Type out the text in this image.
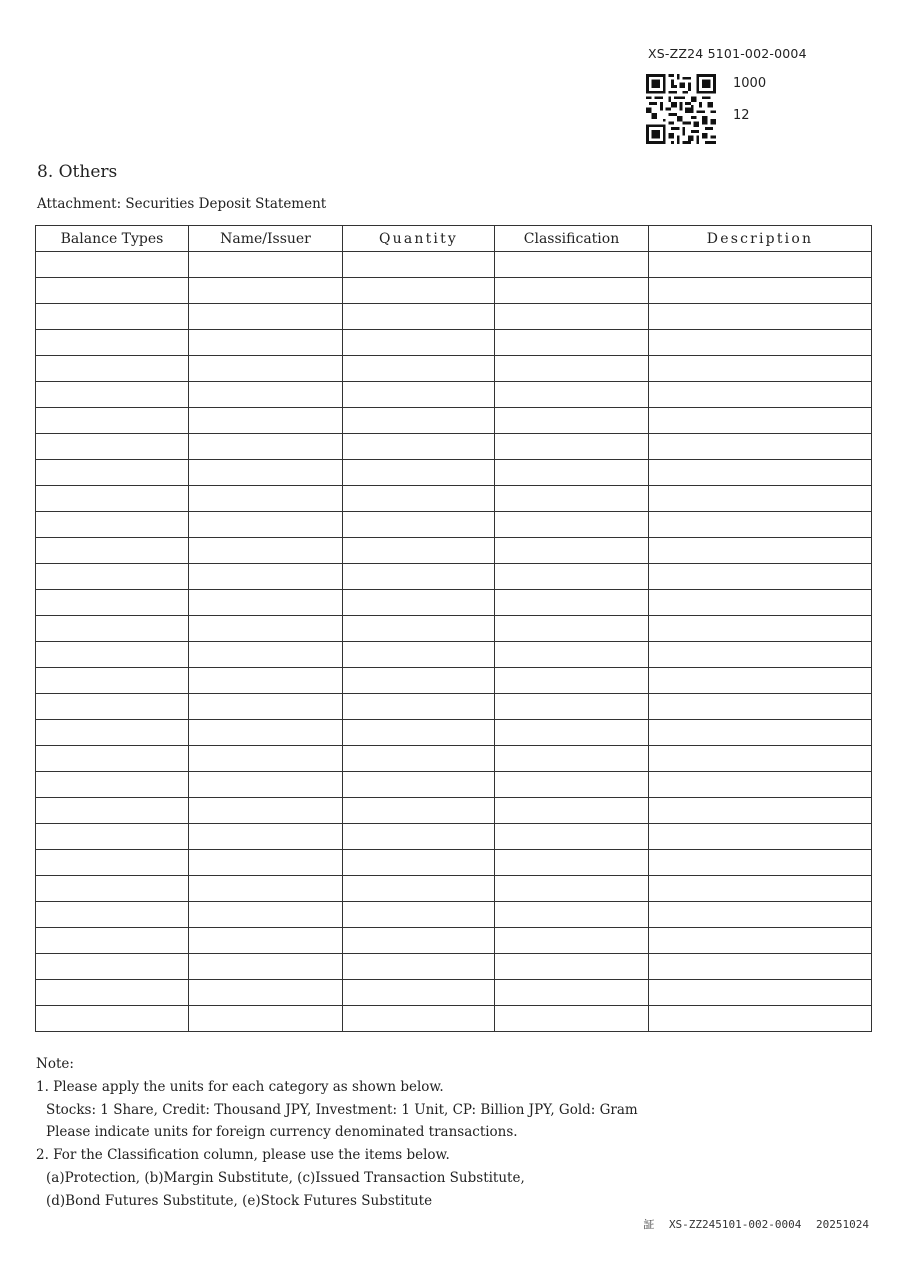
XS-ZZ24 5101-002-0004
1000
12
8. Others
Attachment: Securities Deposit Statement
Balance Types	Name/Issuer	Quantity	Classification	Description

Note:
1. Please apply the units for each category as shown below.
Stocks: 1 Share, Credit: Thousand JPY, Investment: 1 Unit, CP: Billion JPY, Gold: Gram
Please indicate units for foreign currency denominated transactions.
2. For the Classification column, please use the items below.
(a)Protection, (b)Margin Substitute, (c)Issued Transaction Substitute,
(d)Bond Futures Substitute, (e)Stock Futures Substitute
証 XS-ZZ245101-002-0004 20251024
